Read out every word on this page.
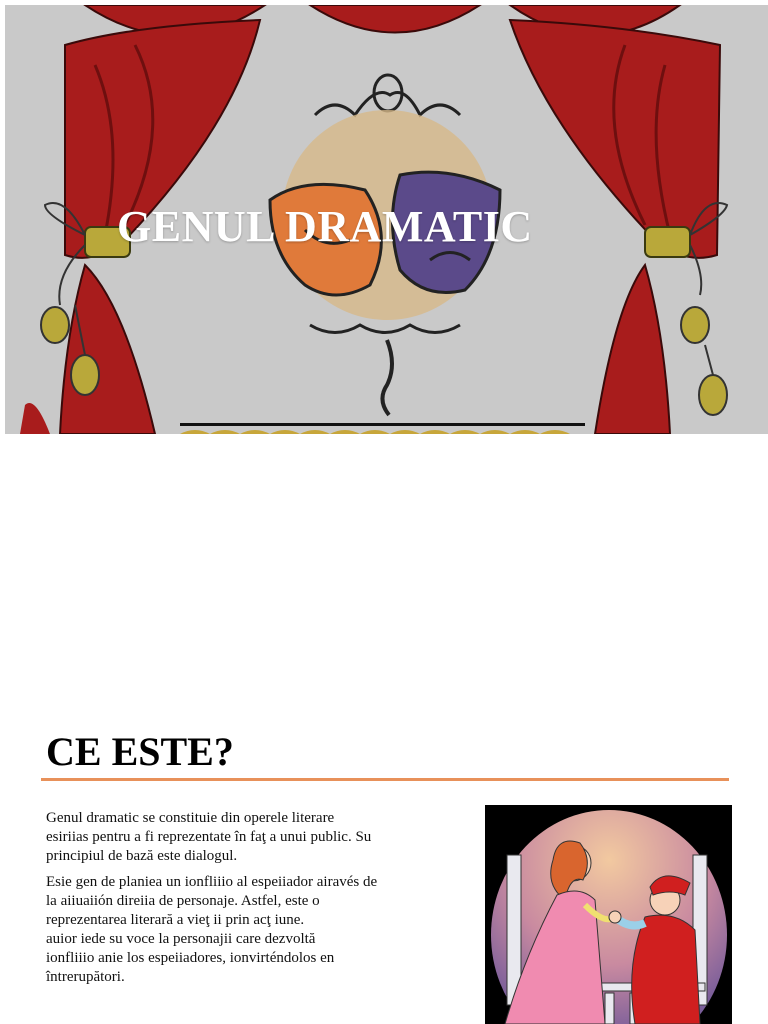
GENUL DRAMATIC
CE ESTE?

Genul dramatic se constituie din operele literare
esiriias pentru a fi reprezentate în faţ a unui public. Su
principiul de bază este dialogul.

Esie gen de planiea un ionfliiio al espeiiador airavés de
la aiiuaiión direiia de personaje. Astfel, este o
reprezentarea literară a vieţ ii prin acţ iune.
auior iede su voce la personajii care dezvoltă
ionfliiio anie los espeiiadores, ionvirténdolos en
întrerupători.
